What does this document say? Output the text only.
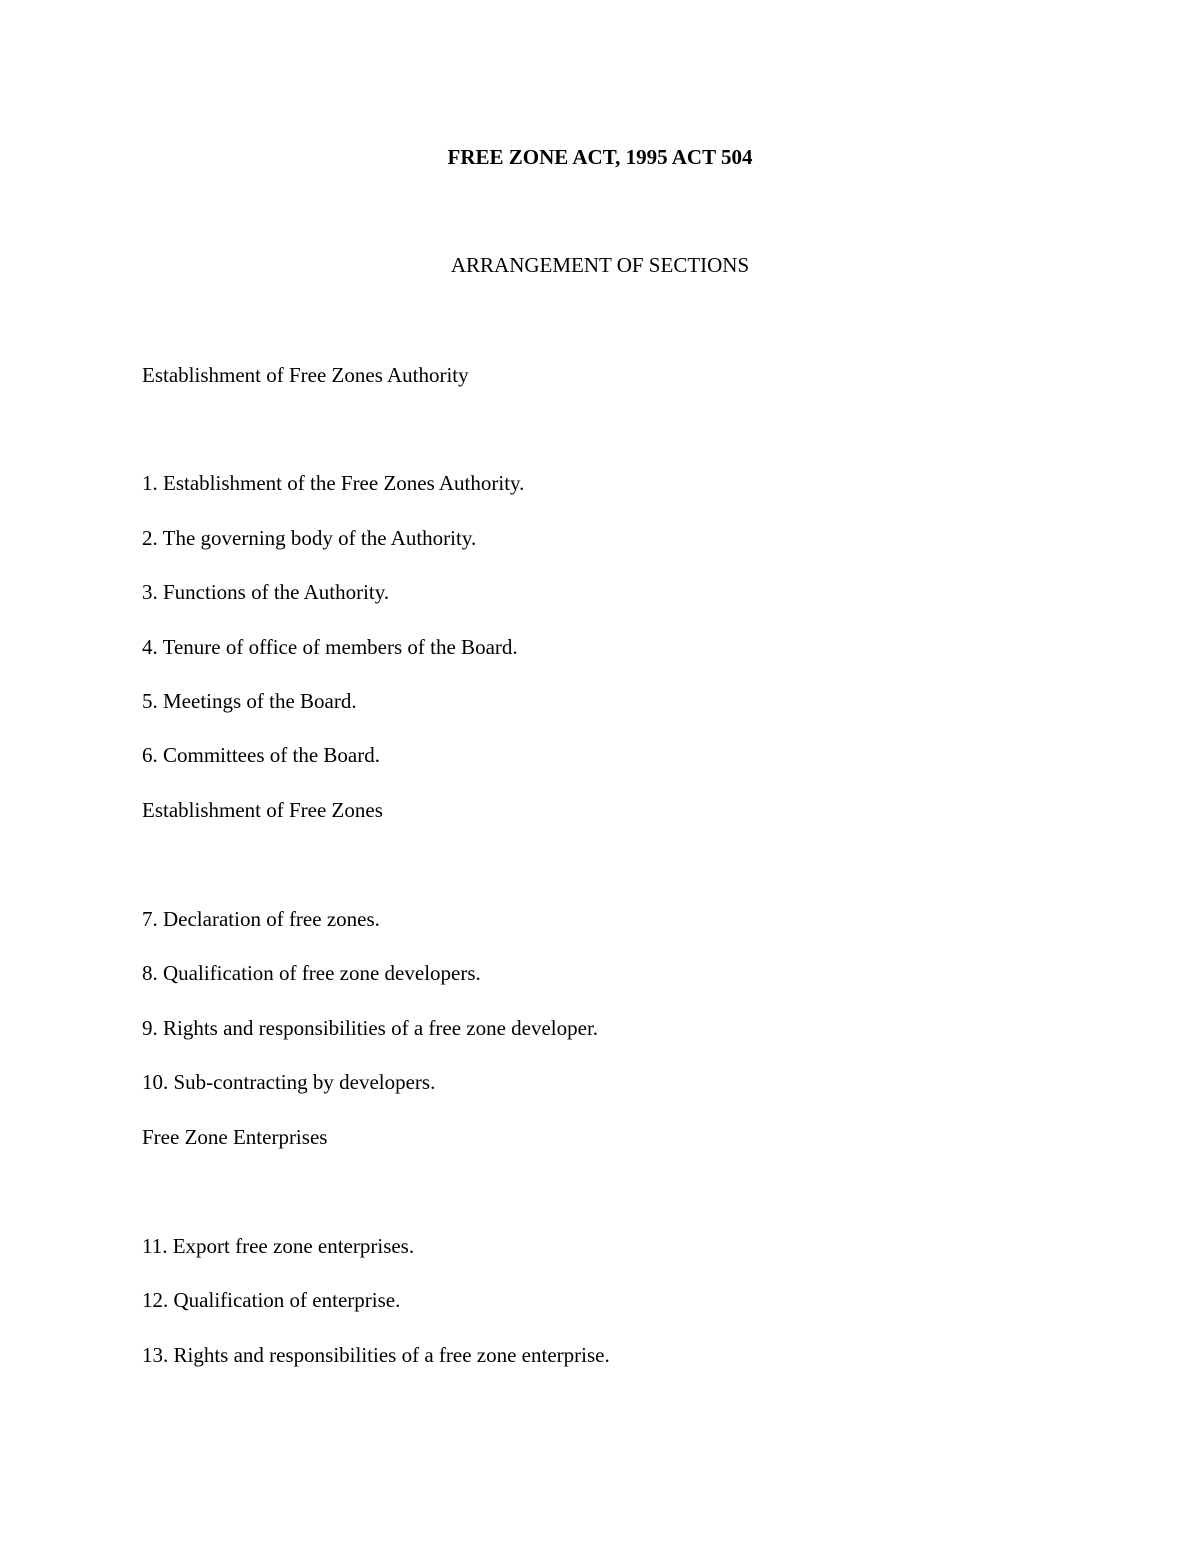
FREE ZONE ACT, 1995 ACT 504
ARRANGEMENT OF SECTIONS
Establishment of Free Zones Authority
1. Establishment of the Free Zones Authority.
2. The governing body of the Authority.
3. Functions of the Authority.
4. Tenure of office of members of the Board.
5. Meetings of the Board.
6. Committees of the Board.
Establishment of Free Zones
7. Declaration of free zones.
8. Qualification of free zone developers.
9. Rights and responsibilities of a free zone developer.
10. Sub-contracting by developers.
Free Zone Enterprises
11. Export free zone enterprises.
12. Qualification of enterprise.
13. Rights and responsibilities of a free zone enterprise.
